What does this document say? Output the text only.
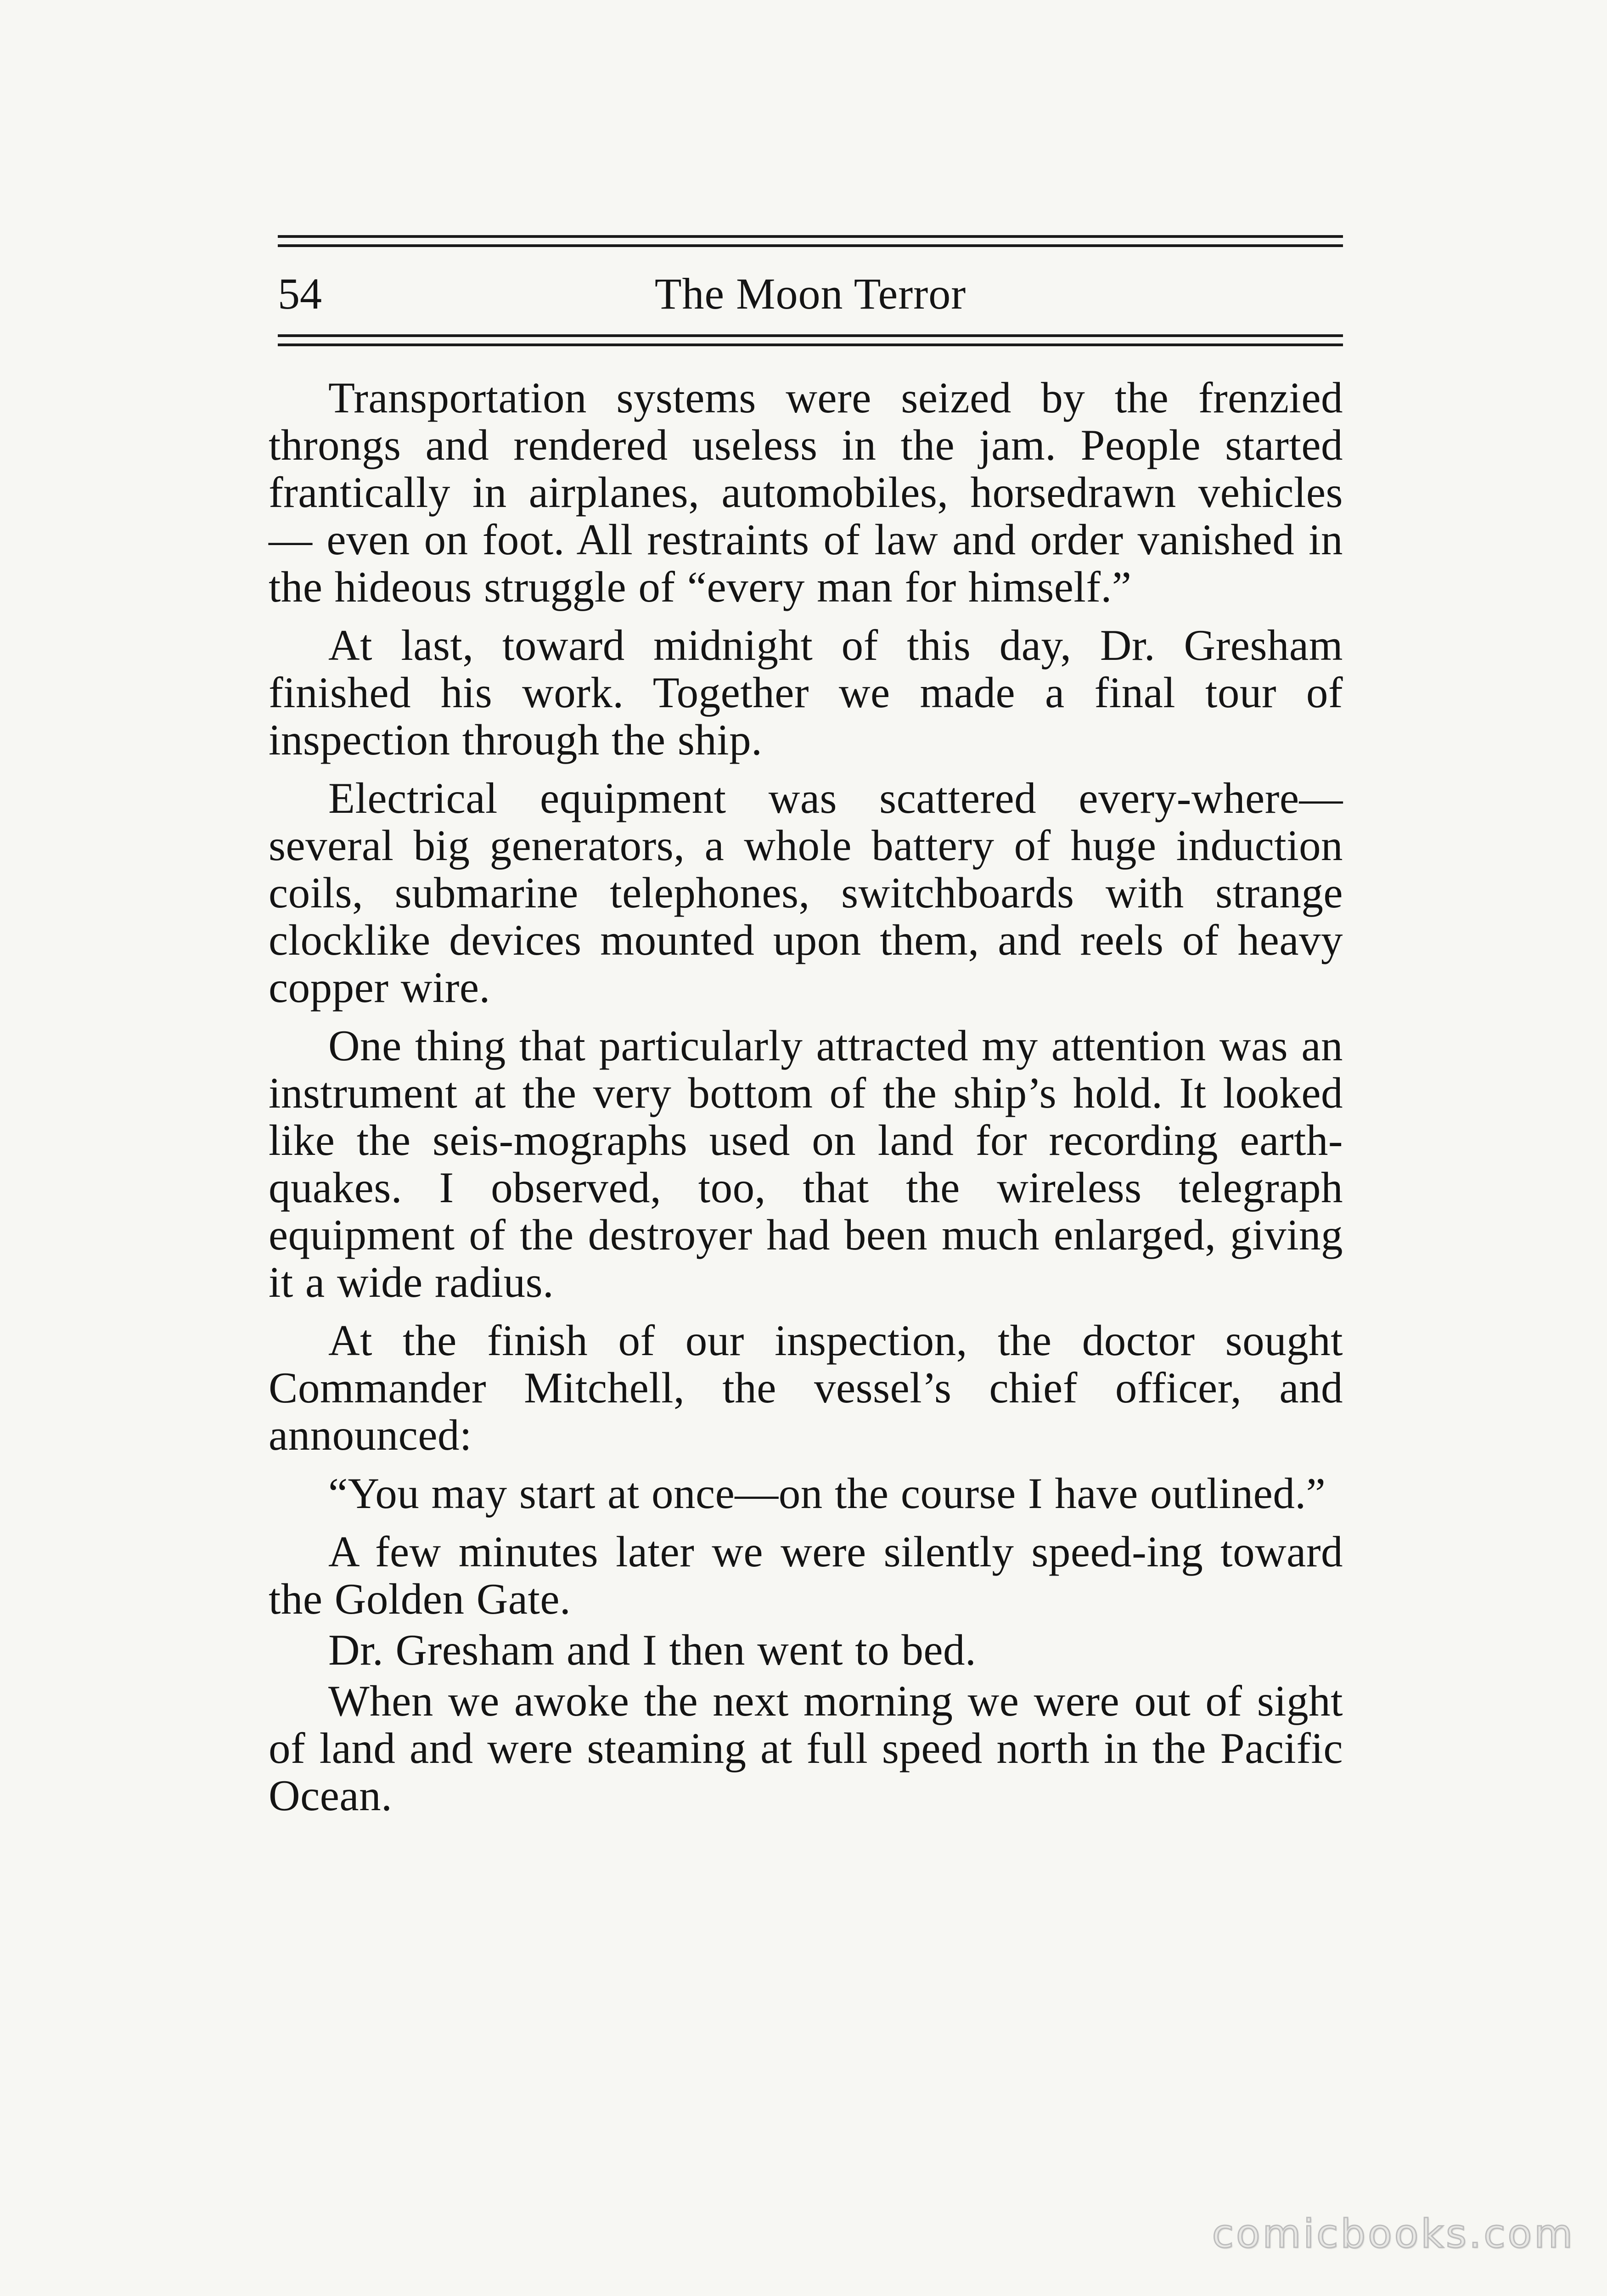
54	The Moon Terror

Transportation systems were seized by the frenzied throngs and rendered useless in the jam. People started frantically in airplanes, automobiles, horsedrawn vehicles — even on foot. All restraints of law and order vanished in the hideous struggle of “every man for himself.”

At last, toward midnight of this day, Dr. Gresham finished his work. Together we made a final tour of inspection through the ship.

Electrical equipment was scattered every-where—several big generators, a whole battery of huge induction coils, submarine telephones, switchboards with strange clocklike devices mounted upon them, and reels of heavy copper wire.

One thing that particularly attracted my attention was an instrument at the very bottom of the ship’s hold. It looked like the seis-mographs used on land for recording earth-quakes. I observed, too, that the wireless telegraph equipment of the destroyer had been much enlarged, giving it a wide radius.

At the finish of our inspection, the doctor sought Commander Mitchell, the vessel’s chief officer, and announced:

“You may start at once—on the course I have outlined.”

A few minutes later we were silently speed-ing toward the Golden Gate.

Dr. Gresham and I then went to bed.

When we awoke the next morning we were out of sight of land and were steaming at full speed north in the Pacific Ocean.

comicbooks.com
